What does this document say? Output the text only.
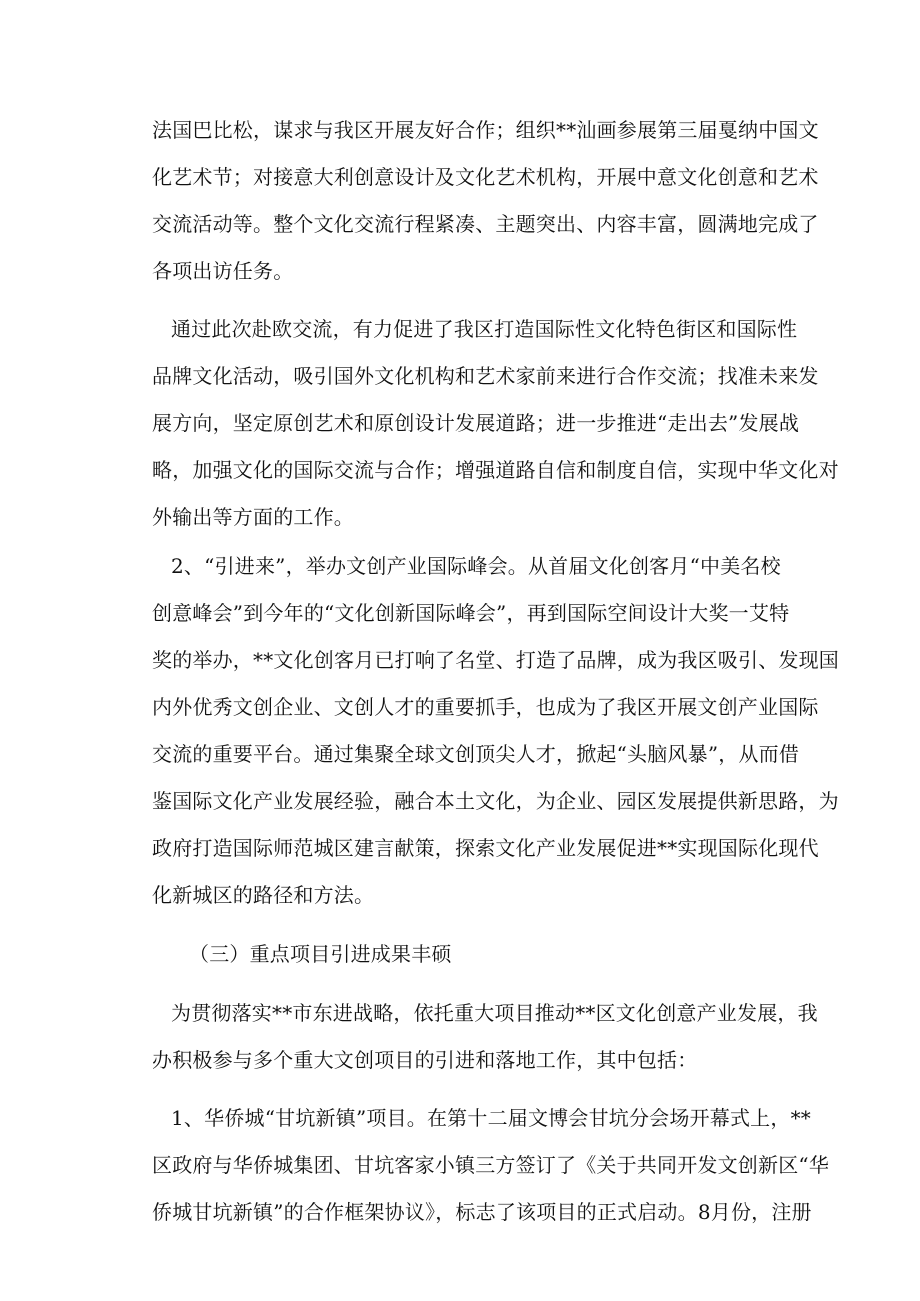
法国巴比松，谋求与我区开展友好合作；组织**汕画参展第三届戛纳中国文

化艺术节；对接意大利创意设计及文化艺术机构，开展中意文化创意和艺术

交流活动等。整个文化交流行程紧凑、主题突出、内容丰富，圆满地完成了

各项出访任务。

通过此次赴欧交流，有力促进了我区打造国际性文化特色街区和国际性

品牌文化活动，吸引国外文化机构和艺术家前来进行合作交流；找准未来发

展方向，坚定原创艺术和原创设计发展道路；进一步推进“走出去”发展战

略，加强文化的国际交流与合作；增强道路自信和制度自信，实现中华文化对

外输出等方面的工作。

2、“引进来”，举办文创产业国际峰会。从首届文化创客月“中美名校

创意峰会”到今年的“文化创新国际峰会”，再到国际空间设计大奖一艾特

奖的举办，**文化创客月已打响了名堂、打造了品牌，成为我区吸引、发现国

内外优秀文创企业、文创人才的重要抓手，也成为了我区开展文创产业国际

交流的重要平台。通过集聚全球文创顶尖人才，掀起“头脑风暴”，从而借

鉴国际文化产业发展经验，融合本土文化，为企业、园区发展提供新思路，为

政府打造国际师范城区建言献策，探索文化产业发展促进**实现国际化现代

化新城区的路径和方法。

（三）重点项目引进成果丰硕

为贯彻落实**市东进战略，依托重大项目推动**区文化创意产业发展，我

办积极参与多个重大文创项目的引进和落地工作，其中包括：

1、华侨城“甘坑新镇”项目。在第十二届文博会甘坑分会场开幕式上，**

区政府与华侨城集团、甘坑客家小镇三方签订了《关于共同开发文创新区“华

侨城甘坑新镇”的合作框架协议》，标志了该项目的正式启动。8月份，注册
